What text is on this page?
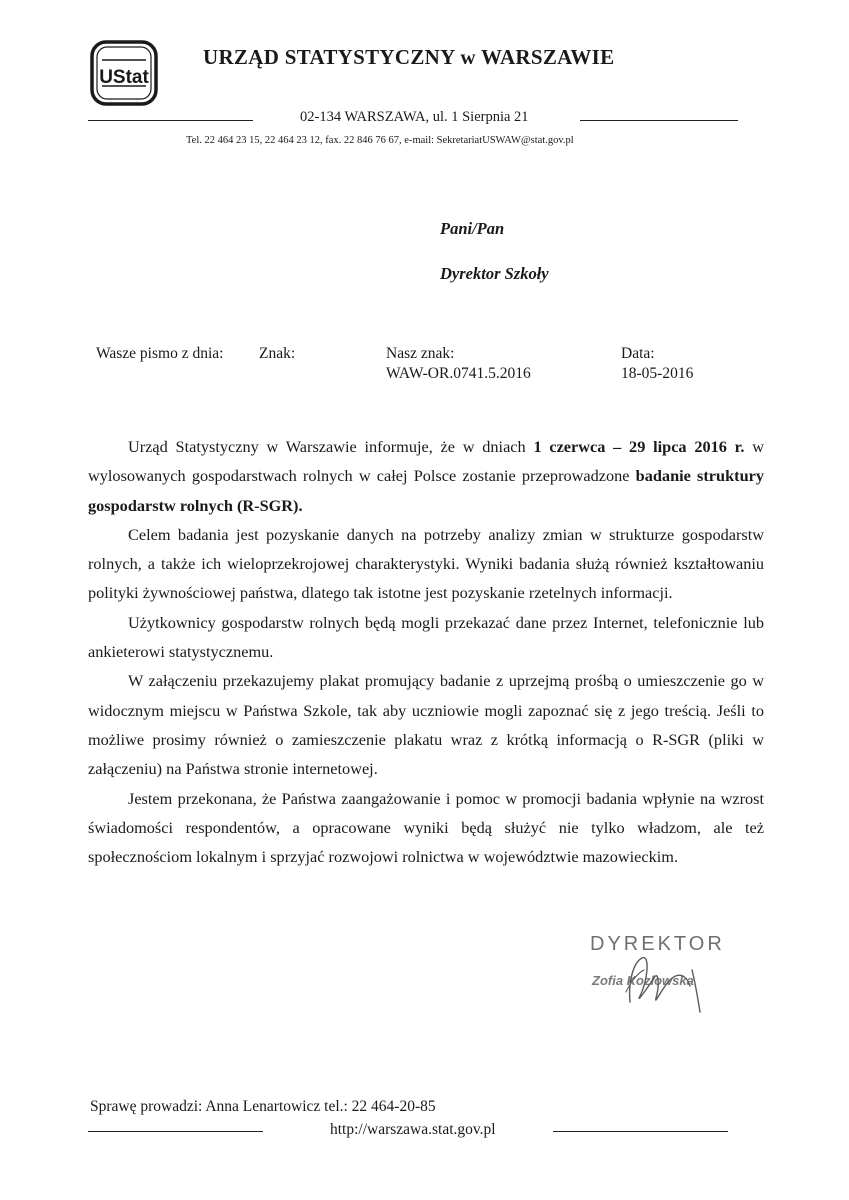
UStat
URZĄD STATYSTYCZNY w WARSZAWIE
02-134 WARSZAWA, ul. 1 Sierpnia 21
Tel. 22 464 23 15, 22 464 23 12, fax. 22 846 76 67, e-mail: SekretariatUSWAW@stat.gov.pl
Pani/Pan
Dyrektor Szkoły
Wasze pismo z dnia: Znak:	Nasz znak:
WAW-OR.0741.5.2016
Data:
18-05-2016

Urząd Statystyczny w Warszawie informuje, że w dniach 1 czerwca – 29 lipca 2016 r. w wylosowanych gospodarstwach rolnych w całej Polsce zostanie przeprowadzone badanie struktury gospodarstw rolnych (R-SGR).

Celem badania jest pozyskanie danych na potrzeby analizy zmian w strukturze gospodarstw rolnych, a także ich wieloprzekrojowej charakterystyki. Wyniki badania służą również kształtowaniu polityki żywnościowej państwa, dlatego tak istotne jest pozyskanie rzetelnych informacji.

Użytkownicy gospodarstw rolnych będą mogli przekazać dane przez Internet, telefonicznie lub ankieterowi statystycznemu.

W załączeniu przekazujemy plakat promujący badanie z uprzejmą prośbą o umieszczenie go w widocznym miejscu w Państwa Szkole, tak aby uczniowie mogli zapoznać się z jego treścią. Jeśli to możliwe prosimy również o zamieszczenie plakatu wraz z krótką informacją o R-SGR (pliki w załączeniu) na Państwa stronie internetowej.

Jestem przekonana, że Państwa zaangażowanie i pomoc w promocji badania wpłynie na wzrost świadomości respondentów, a opracowane wyniki będą służyć nie tylko władzom, ale też społecznościom lokalnym i sprzyjać rozwojowi rolnictwa w województwie mazowieckim.

DYREKTOR
Zofia Kozłowska
Sprawę prowadzi: Anna Lenartowicz tel.: 22 464-20-85
http://warszawa.stat.gov.pl
